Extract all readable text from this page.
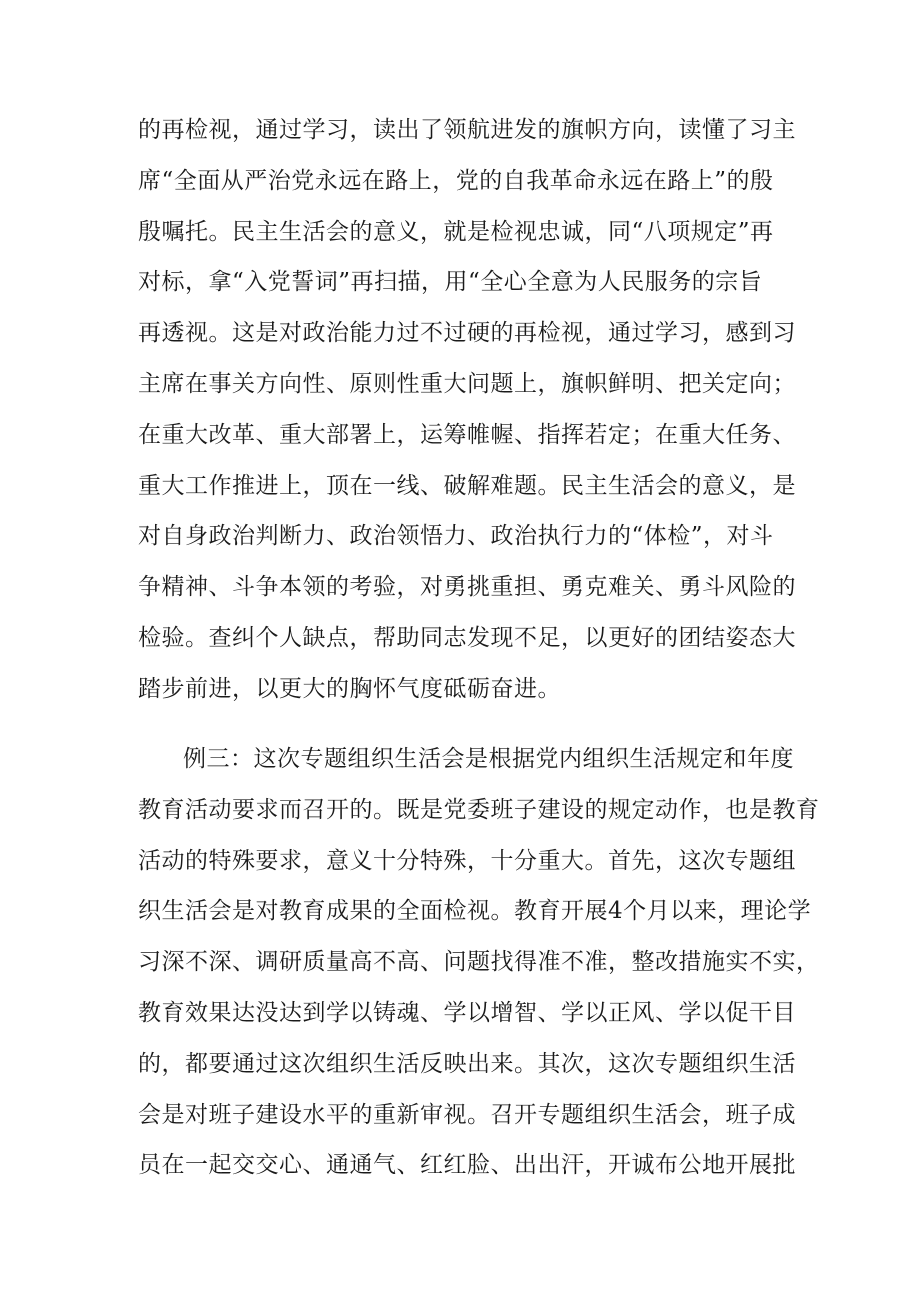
的再检视，通过学习，读出了领航进发的旗帜方向，读懂了习主
席“全面从严治党永远在路上，党的自我革命永远在路上”的殷
殷嘱托。民主生活会的意义，就是检视忠诚，同“八项规定”再
对标，拿“入党誓词”再扫描，用“全心全意为人民服务的宗旨
再透视。这是对政治能力过不过硬的再检视，通过学习，感到习
主席在事关方向性、原则性重大问题上，旗帜鲜明、把关定向；
在重大改革、重大部署上，运筹帷幄、指挥若定；在重大任务、
重大工作推进上，顶在一线、破解难题。民主生活会的意义，是
对自身政治判断力、政治领悟力、政治执行力的“体检”，对斗
争精神、斗争本领的考验，对勇挑重担、勇克难关、勇斗风险的
检验。查纠个人缺点，帮助同志发现不足，以更好的团结姿态大
踏步前进，以更大的胸怀气度砥砺奋进。

例三：这次专题组织生活会是根据党内组织生活规定和年度
教育活动要求而召开的。既是党委班子建设的规定动作，也是教育
活动的特殊要求，意义十分特殊，十分重大。首先，这次专题组
织生活会是对教育成果的全面检视。教育开展4个月以来，理论学
习深不深、调研质量高不高、问题找得准不准，整改措施实不实，
教育效果达没达到学以铸魂、学以增智、学以正风、学以促干目
的，都要通过这次组织生活反映出来。其次，这次专题组织生活
会是对班子建设水平的重新审视。召开专题组织生活会，班子成
员在一起交交心、通通气、红红脸、出出汗，开诚布公地开展批
